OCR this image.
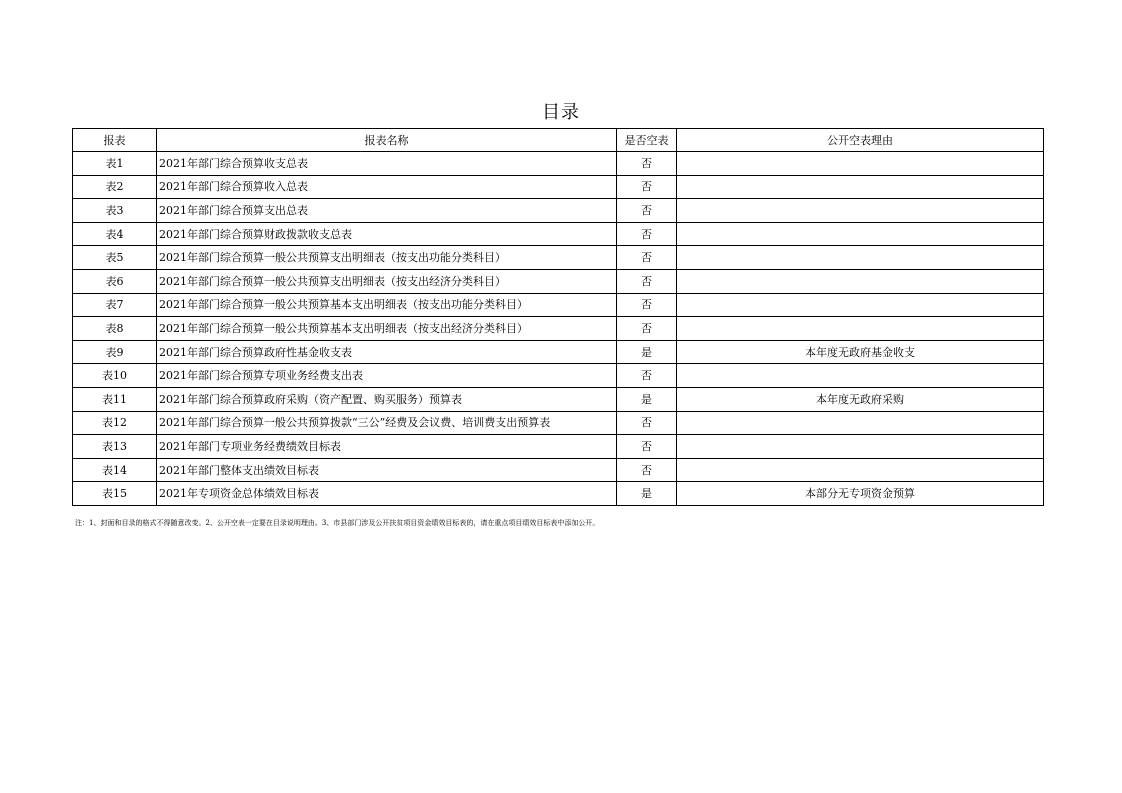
目录
报表	报表名称	是否空表	公开空表理由
表1	2021年部门综合预算收支总表	否	
表2	2021年部门综合预算收入总表	否	
表3	2021年部门综合预算支出总表	否	
表4	2021年部门综合预算财政拨款收支总表	否	
表5	2021年部门综合预算一般公共预算支出明细表（按支出功能分类科目）	否	
表6	2021年部门综合预算一般公共预算支出明细表（按支出经济分类科目）	否	
表7	2021年部门综合预算一般公共预算基本支出明细表（按支出功能分类科目）	否	
表8	2021年部门综合预算一般公共预算基本支出明细表（按支出经济分类科目）	否	
表9	2021年部门综合预算政府性基金收支表	是	本年度无政府基金收支
表10	2021年部门综合预算专项业务经费支出表	否	
表11	2021年部门综合预算政府采购（资产配置、购买服务）预算表	是	本年度无政府采购
表12	2021年部门综合预算一般公共预算拨款“三公”经费及会议费、培训费支出预算表	否	
表13	2021年部门专项业务经费绩效目标表	否	
表14	2021年部门整体支出绩效目标表	否	
表15	2021年专项资金总体绩效目标表	是	本部分无专项资金预算
注：1、封面和目录的格式不得随意改变。2、公开空表一定要在目录说明理由。3、市县部门涉及公开扶贫项目资金绩效目标表的，请在重点项目绩效目标表中添加公开。
